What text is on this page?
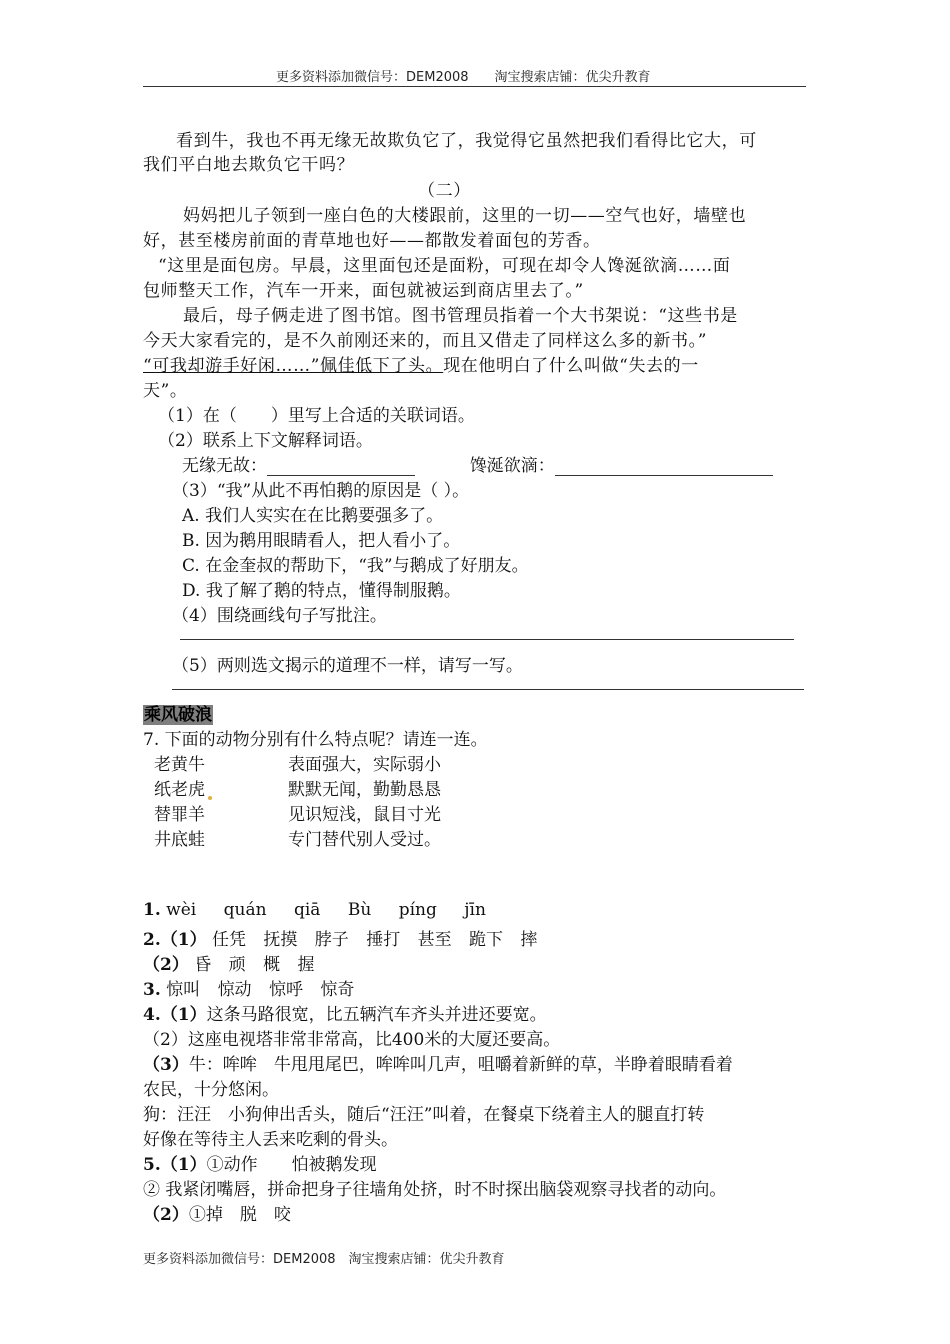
更多资料添加微信号：DEM2008　　淘宝搜索店铺：优尖升教育
看到牛，我也不再无缘无故欺负它了，我觉得它虽然把我们看得比它大，可
我们平白地去欺负它干吗？
（二）
妈妈把儿子领到一座白色的大楼跟前，这里的一切——空气也好，墙壁也
好，甚至楼房前面的青草地也好——都散发着面包的芳香。
“这里是面包房。早晨，这里面包还是面粉，可现在却令人馋涎欲滴……面
包师整天工作，汽车一开来，面包就被运到商店里去了。”
最后，母子俩走进了图书馆。图书管理员指着一个大书架说：“这些书是
今天大家看完的，是不久前刚还来的，而且又借走了同样这么多的新书。”
“可我却游手好闲……”佩佳低下了头。现在他明白了什么叫做“失去的一
天”。
（1）在（　　）里写上合适的关联词语。
（2）联系上下文解释词语。
无缘无故：	馋涎欲滴：
（3）“我”从此不再怕鹅的原因是（ ）。
A. 我们人实实在在比鹅要强多了。
B. 因为鹅用眼睛看人，把人看小了。
C. 在金奎叔的帮助下，“我”与鹅成了好朋友。
D. 我了解了鹅的特点，懂得制服鹅。
（4）围绕画线句子写批注。
（5）两则选文揭示的道理不一样，请写一写。
乘风破浪
7. 下面的动物分别有什么特点呢？请连一连。
老黄牛	表面强大，实际弱小
纸老虎	默默无闻，勤勤恳恳
替罪羊	见识短浅，鼠目寸光
井底蛙	专门替代别人受过。
1. wèi quán qiā Bù píng jīn
2.（1） 任凭 抚摸 脖子 捶打 甚至 跪下 摔
（2） 昏 顽 概 握
3. 惊叫 惊动 惊呼 惊奇
4.（1）这条马路很宽，比五辆汽车齐头并进还要宽。
（2）这座电视塔非常非常高，比400米的大厦还要高。
（3）牛：哞哞　牛甩甩尾巴，哞哞叫几声，咀嚼着新鲜的草，半睁着眼睛看着
农民，十分悠闲。
狗：汪汪　小狗伸出舌头，随后“汪汪”叫着，在餐桌下绕着主人的腿直打转
好像在等待主人丢来吃剩的骨头。
5.（1）①动作　　怕被鹅发现
② 我紧闭嘴唇，拼命把身子往墙角处挤，时不时探出脑袋观察寻找者的动向。
（2）①掉　脱　咬
更多资料添加微信号：DEM2008　淘宝搜索店铺：优尖升教育
